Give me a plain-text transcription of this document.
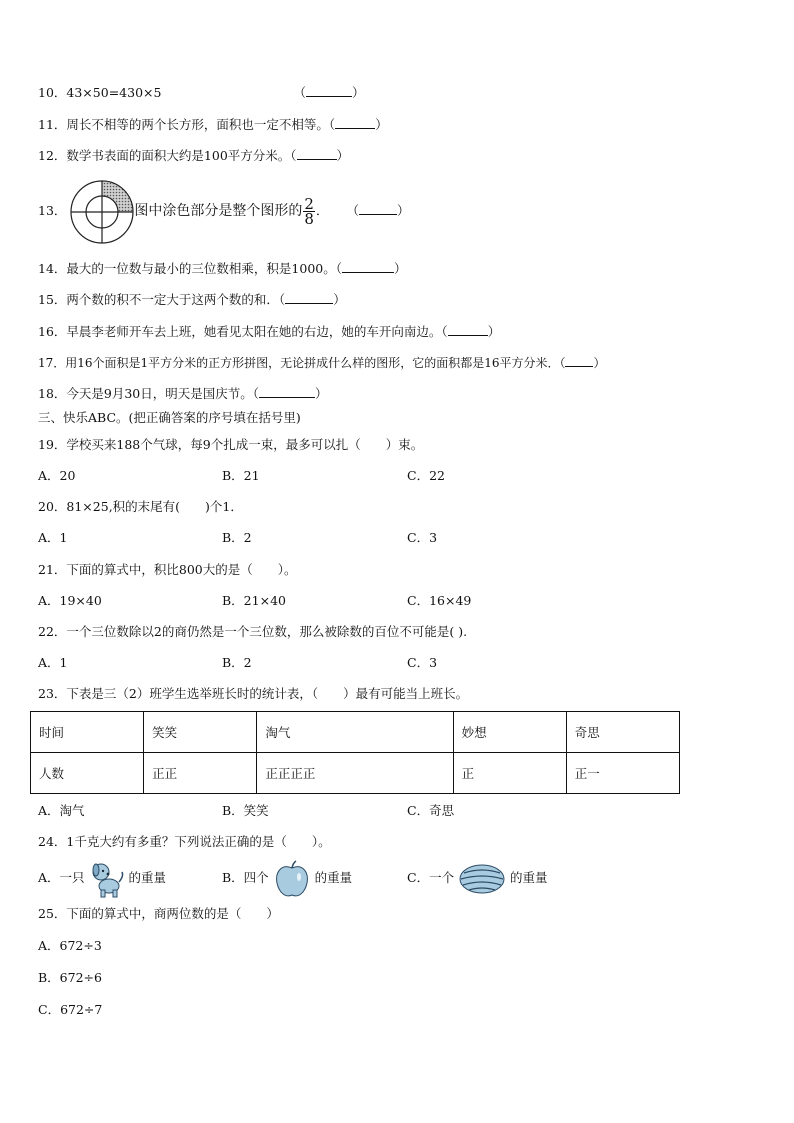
10．43×50=430×5	（	）
11．周长不相等的两个长方形，面积也一定不相等。（	）
12．数学书表面的面积大约是100平方分米。（	）
13．	图中涂色部分是整个图形的 $\frac{2}{8}$ ． （	）
14．最大的一位数与最小的三位数相乘，积是1000。（	）
15．两个数的积不一定大于这两个数的和．（	）
16．早晨李老师开车去上班，她看见太阳在她的右边，她的车开向南边。（	）
17．用16个面积是1平方分米的正方形拼图，无论拼成什么样的图形，它的面积都是16平方分米．（ ）
18．今天是9月30日，明天是国庆节。（	）
三、快乐ABC。(把正确答案的序号填在括号里)
19．学校买来188个气球，每9个扎成一束，最多可以扎（　　）束。
A．20	B．21	C．22
20．81×25,积的末尾有(　　)个1．
A．1	B．2	C．3
21．下面的算式中，积比800大的是（　　）。
A．19×40	B．21×40	C．16×49
22．一个三位数除以2的商仍然是一个三位数，那么被除数的百位不可能是( ).
A．1	B．2	C．3
23．下表是三（2）班学生选举班长时的统计表，（　　）最有可能当上班长。
时间	笑笑	淘气	妙想	奇思
人数	正正	正正正正	正	正一
A．淘气	B．笑笑	C．奇思
24．1千克大约有多重？下列说法正确的是（　　）。
A．一只	的重量	B．四个	的重量	C．一个	的重量
25．下面的算式中，商两位数的是（　　）
A．672÷3
B．672÷6
C．672÷7
